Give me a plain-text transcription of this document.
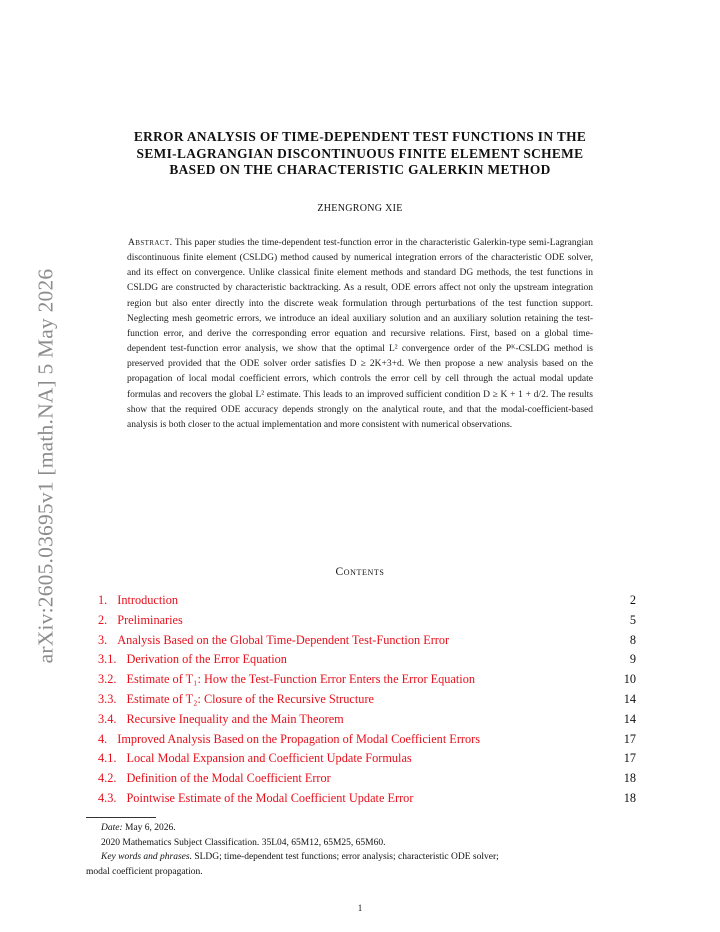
arXiv:2605.03695v1 [math.NA] 5 May 2026
ERROR ANALYSIS OF TIME-DEPENDENT TEST FUNCTIONS IN THE
SEMI-LAGRANGIAN DISCONTINUOUS FINITE ELEMENT SCHEME
BASED ON THE CHARACTERISTIC GALERKIN METHOD
ZHENGRONG XIE
Abstract. This paper studies the time-dependent test-function error in the characteristic Galerkin-type semi-Lagrangian discontinuous finite element (CSLDG) method caused by numerical integration errors of the characteristic ODE solver, and its effect on convergence. Unlike classical finite element methods and standard DG methods, the test functions in CSLDG are constructed by characteristic backtracking. As a result, ODE errors affect not only the upstream integration region but also enter directly into the discrete weak formulation through perturbations of the test function support. Neglecting mesh geometric errors, we introduce an ideal auxiliary solution and an auxiliary solution retaining the test-function error, and derive the corresponding error equation and recursive relations. First, based on a global time-dependent test-function error analysis, we show that the optimal L² convergence order of the Pᴷ-CSLDG method is preserved provided that the ODE solver order satisfies D ≥ 2K+3+d. We then propose a new analysis based on the propagation of local modal coefficient errors, which controls the error cell by cell through the actual modal update formulas and recovers the global L² estimate. This leads to an improved sufficient condition D ≥ K + 1 + d/2. The results show that the required ODE accuracy depends strongly on the analytical route, and that the modal-coefficient-based analysis is both closer to the actual implementation and more consistent with numerical observations.
Contents
1. Introduction	2
2. Preliminaries	5
3. Analysis Based on the Global Time-Dependent Test-Function Error	8
3.1. Derivation of the Error Equation	9
3.2. Estimate of T₁: How the Test-Function Error Enters the Error Equation	10
3.3. Estimate of T₂: Closure of the Recursive Structure	14
3.4. Recursive Inequality and the Main Theorem	14
4. Improved Analysis Based on the Propagation of Modal Coefficient Errors	17
4.1. Local Modal Expansion and Coefficient Update Formulas	17
4.2. Definition of the Modal Coefficient Error	18
4.3. Pointwise Estimate of the Modal Coefficient Update Error	18
Date: May 6, 2026.
2020 Mathematics Subject Classification. 35L04, 65M12, 65M25, 65M60.
Key words and phrases. SLDG; time-dependent test functions; error analysis; characteristic ODE solver;
modal coefficient propagation.
1
